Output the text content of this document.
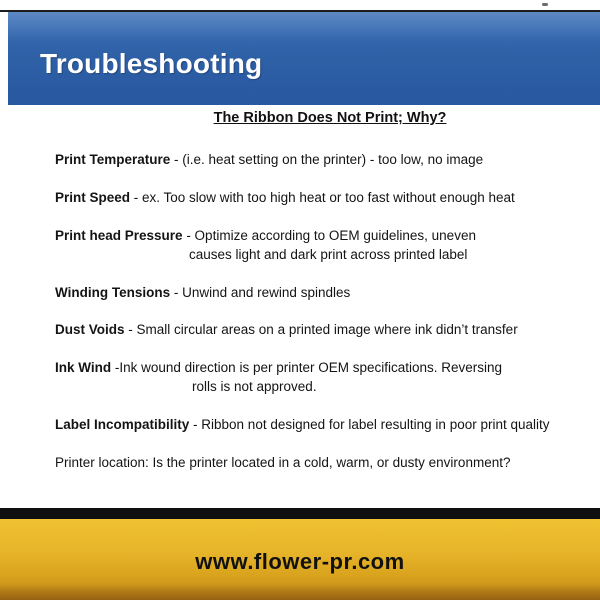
Troubleshooting
The Ribbon Does Not Print; Why?
Print Temperature - (i.e. heat setting on the printer) - too low, no image
Print Speed - ex. Too slow with too high heat or too fast without enough heat
Print head Pressure - Optimize according to OEM guidelines, uneven
causes light and dark print across printed label
Winding Tensions - Unwind and rewind spindles
Dust Voids - Small circular areas on a printed image where ink didn’t transfer
Ink Wind -Ink wound direction is per printer OEM specifications. Reversing
rolls is not approved.
Label Incompatibility - Ribbon not designed for label resulting in poor print quality
Printer location: Is the printer located in a cold, warm, or dusty environment?
www.flower-pr.com
